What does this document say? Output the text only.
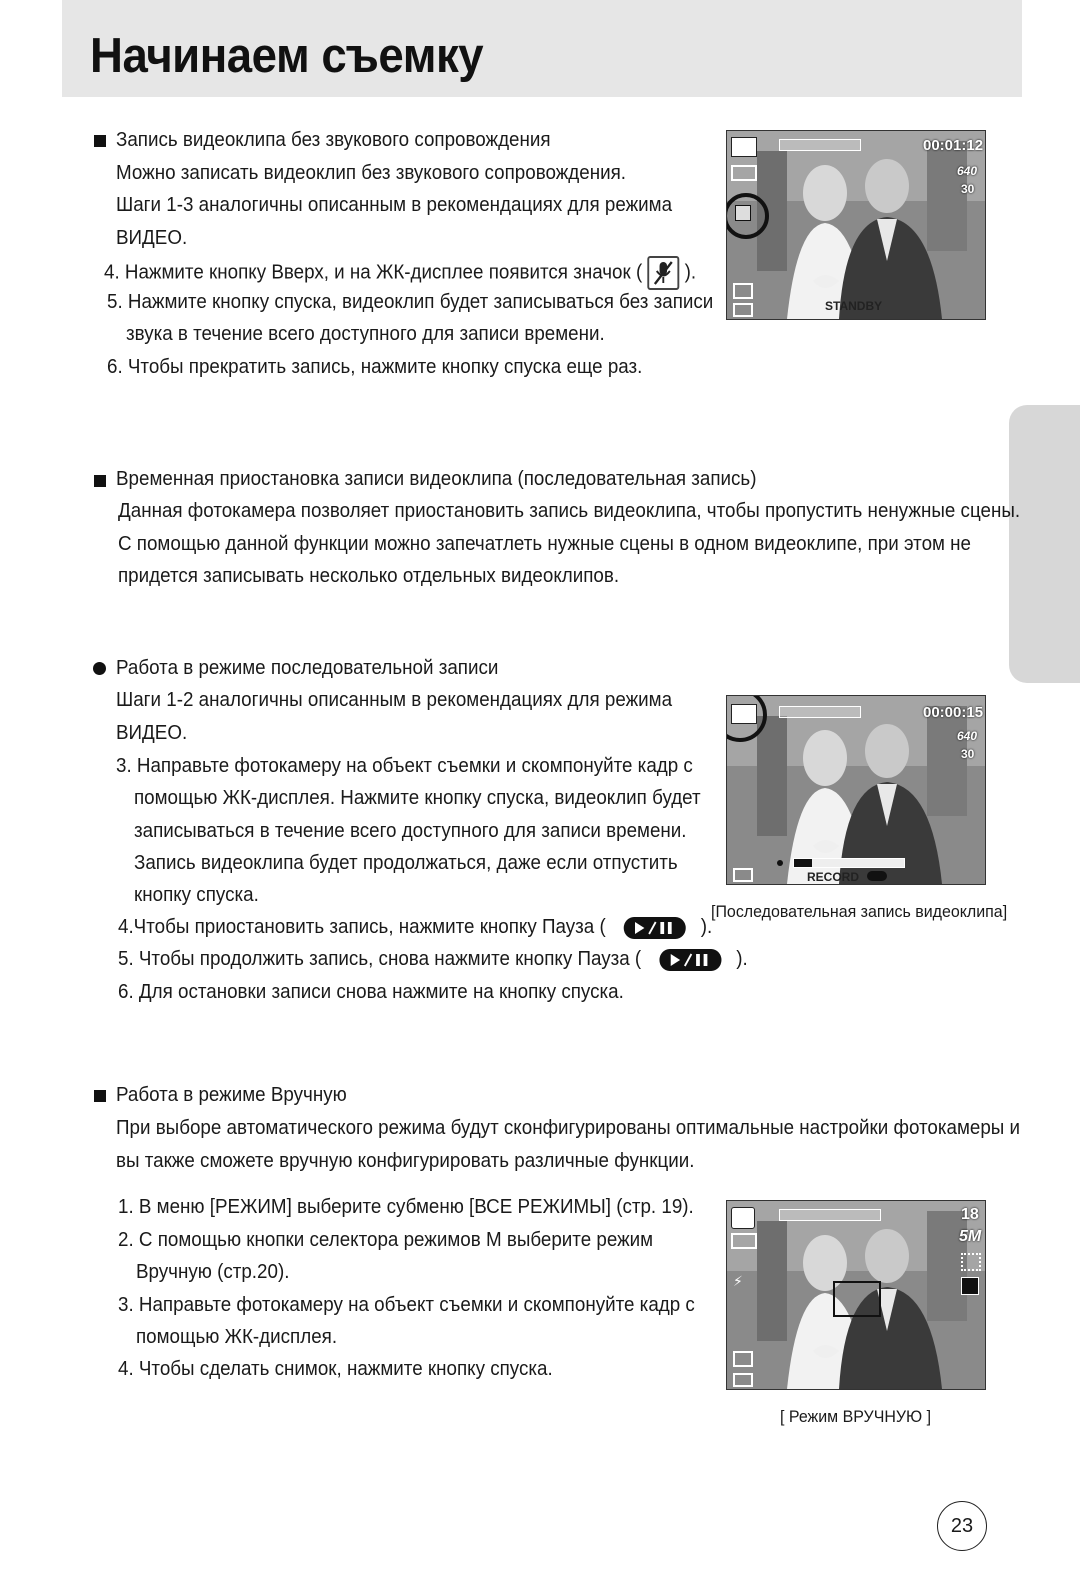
Начинаем съемку
Запись видеоклипа без звукового сопровождения
Можно записать видеоклип без звукового сопровождения.
Шаги 1-3 аналогичны описанным в рекомендациях для режима
ВИДЕО.
4. Нажмите кнопку Вверх, и на ЖК-дисплее появится значок ( ).
5. Нажмите кнопку спуска, видеоклип будет записываться без записи
звука в течение всего доступного для записи времени.
6. Чтобы прекратить запись, нажмите кнопку спуска еще раз.
00:01:12
640
30
STANDBY
Временная приостановка записи видеоклипа (последовательная запись)
Данная фотокамера позволяет приостановить запись видеоклипа, чтобы пропустить ненужные сцены.
С помощью данной функции можно запечатлеть нужные сцены в одном видеоклипе, при этом не
придется записывать несколько отдельных видеоклипов.
Работа в режиме последовательной записи
Шаги 1-2 аналогичны описанным в рекомендациях для режима
ВИДЕО.
3. Направьте фотокамеру на объект съемки и скомпонуйте кадр с
помощью ЖК-дисплея. Нажмите кнопку спуска, видеоклип будет
записываться в течение всего доступного для записи времени.
Запись видеоклипа будет продолжаться, даже если отпустить
кнопку спуска.
4.Чтобы приостановить запись, нажмите кнопку Пауза (	).
5. Чтобы продолжить запись, снова нажмите кнопку Пауза (	).
6. Для остановки записи снова нажмите на кнопку спуска.
00:00:15
640
30
RECORD
[Последовательная запись видеоклипа]
Работа в режиме Вручную
При выборе автоматического режима будут сконфигурированы оптимальные настройки фотокамеры и
вы также сможете вручную конфигурировать различные функции.
1. В меню [РЕЖИМ] выберите субменю [ВСЕ РЕЖИМЫ] (стр. 19).
2. С помощью кнопки селектора режимов M выберите режим
Вручную (стр.20).
3. Направьте фотокамеру на объект съемки и скомпонуйте кадр с
помощью ЖК-дисплея.
4. Чтобы сделать снимок, нажмите кнопку спуска.
18
5M
⚡
[ Режим ВРУЧНУЮ ]
23
